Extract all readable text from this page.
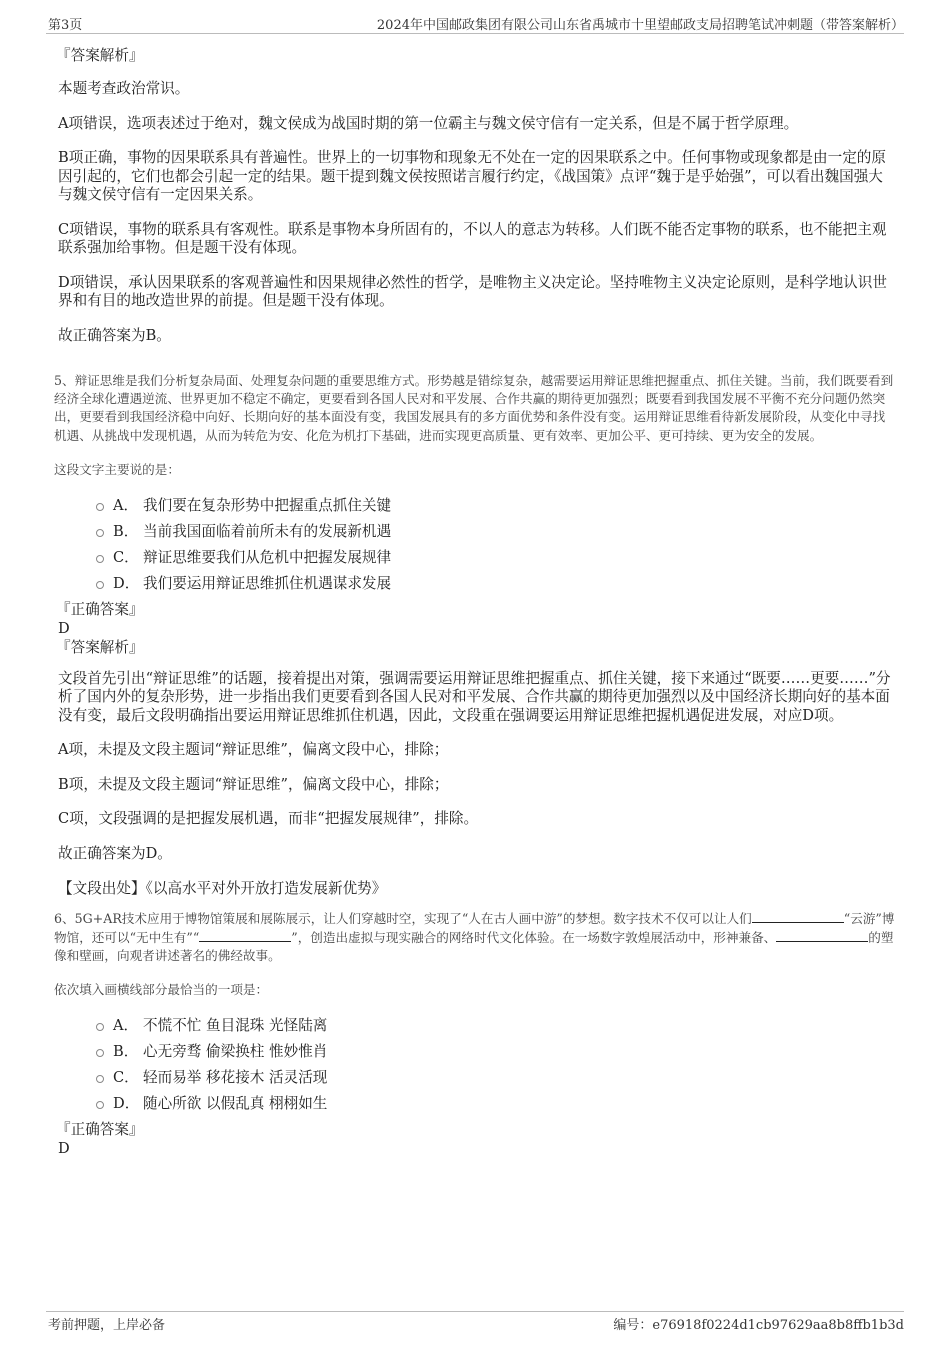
第3页	2024年中国邮政集团有限公司山东省禹城市十里望邮政支局招聘笔试冲刺题（带答案解析）

『答案解析』

本题考查政治常识。

A项错误，选项表述过于绝对，魏文侯成为战国时期的第一位霸主与魏文侯守信有一定关系，但是不属于哲学原理。

B项正确，事物的因果联系具有普遍性。世界上的一切事物和现象无不处在一定的因果联系之中。任何事物或现象都是由一定的原因引起的，它们也都会引起一定的结果。题干提到魏文侯按照诺言履行约定，《战国策》点评“魏于是乎始强”，可以看出魏国强大与魏文侯守信有一定因果关系。

C项错误，事物的联系具有客观性。联系是事物本身所固有的，不以人的意志为转移。人们既不能否定事物的联系，也不能把主观联系强加给事物。但是题干没有体现。

D项错误，承认因果联系的客观普遍性和因果规律必然性的哲学，是唯物主义决定论。坚持唯物主义决定论原则，是科学地认识世界和有目的地改造世界的前提。但是题干没有体现。

故正确答案为B。

5、辩证思维是我们分析复杂局面、处理复杂问题的重要思维方式。形势越是错综复杂，越需要运用辩证思维把握重点、抓住关键。当前，我们既要看到经济全球化遭遇逆流、世界更加不稳定不确定，更要看到各国人民对和平发展、合作共赢的期待更加强烈；既要看到我国发展不平衡不充分问题仍然突出，更要看到我国经济稳中向好、长期向好的基本面没有变，我国发展具有的多方面优势和条件没有变。运用辩证思维看待新发展阶段，从变化中寻找机遇、从挑战中发现机遇，从而为转危为安、化危为机打下基础，进而实现更高质量、更有效率、更加公平、更可持续、更为安全的发展。

这段文字主要说的是：

A． 我们要在复杂形势中把握重点抓住关键
B． 当前我国面临着前所未有的发展新机遇
C． 辩证思维要我们从危机中把握发展规律
D． 我们要运用辩证思维抓住机遇谋求发展

『正确答案』

D

『答案解析』

文段首先引出“辩证思维”的话题，接着提出对策，强调需要运用辩证思维把握重点、抓住关键，接下来通过“既要……更要……”分析了国内外的复杂形势，进一步指出我们更要看到各国人民对和平发展、合作共赢的期待更加强烈以及中国经济长期向好的基本面没有变，最后文段明确指出要运用辩证思维抓住机遇，因此，文段重在强调要运用辩证思维把握机遇促进发展，对应D项。

A项，未提及文段主题词“辩证思维”，偏离文段中心，排除；

B项，未提及文段主题词“辩证思维”，偏离文段中心，排除；

C项，文段强调的是把握发展机遇，而非“把握发展规律”，排除。

故正确答案为D。

【文段出处】《以高水平对外开放打造发展新优势》

6、5G+AR技术应用于博物馆策展和展陈展示，让人们穿越时空，实现了“人在古人画中游”的梦想。数字技术不仅可以让人们	“云游”博物馆，还可以“无中生有”“	”，创造出虚拟与现实融合的网络时代文化体验。在一场数字敦煌展活动中，形神兼备、	的塑像和壁画，向观者讲述著名的佛经故事。

依次填入画横线部分最恰当的一项是：

A． 不慌不忙 鱼目混珠 光怪陆离
B． 心无旁骛 偷梁换柱 惟妙惟肖
C． 轻而易举 移花接木 活灵活现
D． 随心所欲 以假乱真 栩栩如生

『正确答案』

D

考前押题，上岸必备	编号：e76918f0224d1cb97629aa8b8ffb1b3d
